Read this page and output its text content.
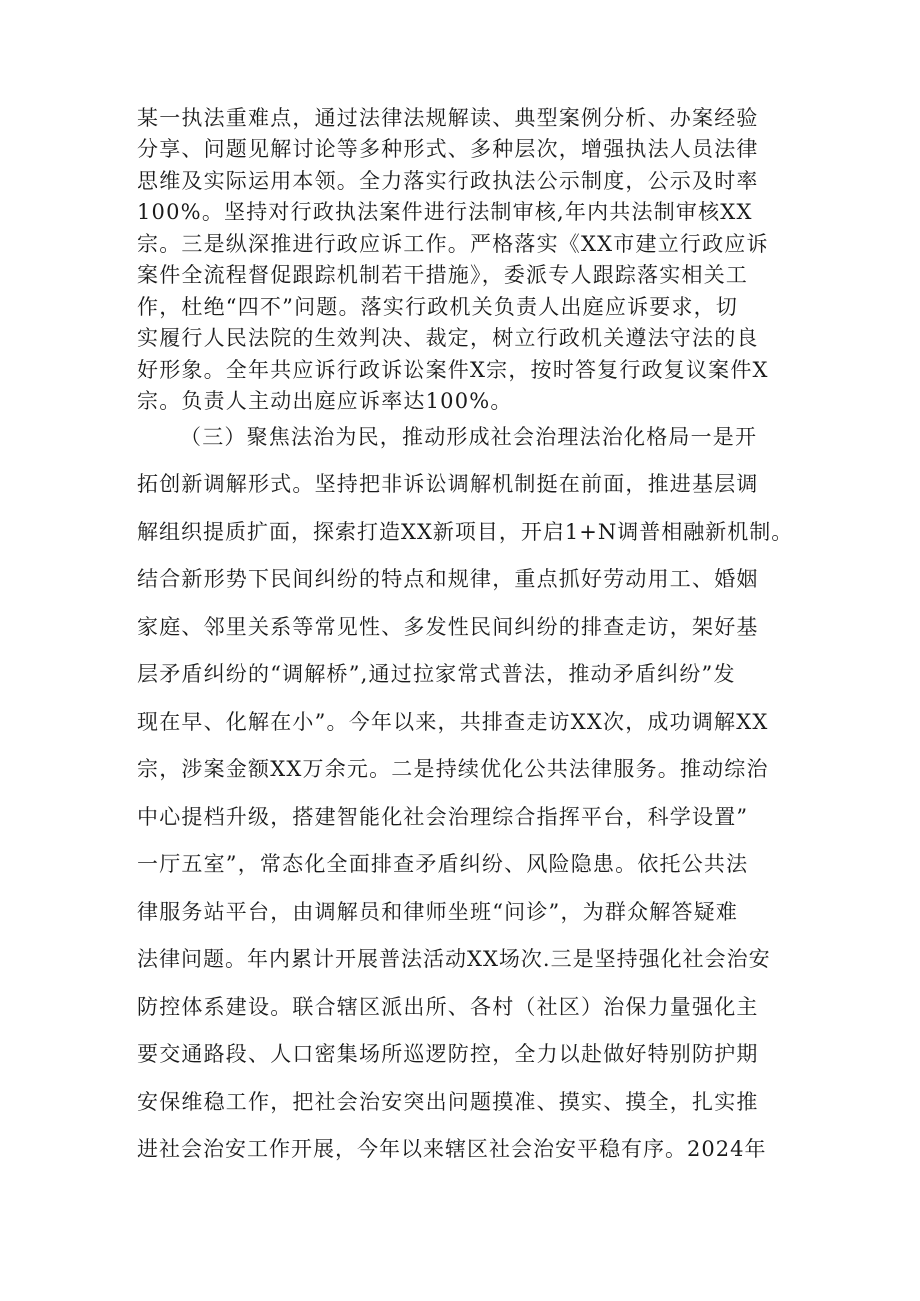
某一执法重难点，通过法律法规解读、典型案例分析、办案经验
分享、问题见解讨论等多种形式、多种层次，增强执法人员法律
思维及实际运用本领。全力落实行政执法公示制度，公示及时率
100%。坚持对行政执法案件进行法制审核,年内共法制审核XX
宗。三是纵深推进行政应诉工作。严格落实《XX市建立行政应诉
案件全流程督促跟踪机制若干措施》，委派专人跟踪落实相关工
作，杜绝“四不”问题。落实行政机关负责人出庭应诉要求，切
实履行人民法院的生效判决、裁定，树立行政机关遵法守法的良
好形象。全年共应诉行政诉讼案件X宗，按时答复行政复议案件X
宗。负责人主动出庭应诉率达100%。
（三）聚焦法治为民，推动形成社会治理法治化格局一是开
拓创新调解形式。坚持把非诉讼调解机制挺在前面，推进基层调
解组织提质扩面，探索打造XX新项目，开启1+N调普相融新机制。
结合新形势下民间纠纷的特点和规律，重点抓好劳动用工、婚姻
家庭、邻里关系等常见性、多发性民间纠纷的排查走访，架好基
层矛盾纠纷的“调解桥”,通过拉家常式普法，推动矛盾纠纷”发
现在早、化解在小”。今年以来，共排查走访XX次，成功调解XX
宗，涉案金额XX万余元。二是持续优化公共法律服务。推动综治
中心提档升级，搭建智能化社会治理综合指挥平台，科学设置”
一厅五室”，常态化全面排查矛盾纠纷、风险隐患。依托公共法
律服务站平台，由调解员和律师坐班“问诊”，为群众解答疑难
法律问题。年内累计开展普法活动XX场次.三是坚持强化社会治安
防控体系建设。联合辖区派出所、各村（社区）治保力量强化主
要交通路段、人口密集场所巡逻防控，全力以赴做好特别防护期
安保维稳工作，把社会治安突出问题摸准、摸实、摸全，扎实推
进社会治安工作开展，今年以来辖区社会治安平稳有序。2024年
